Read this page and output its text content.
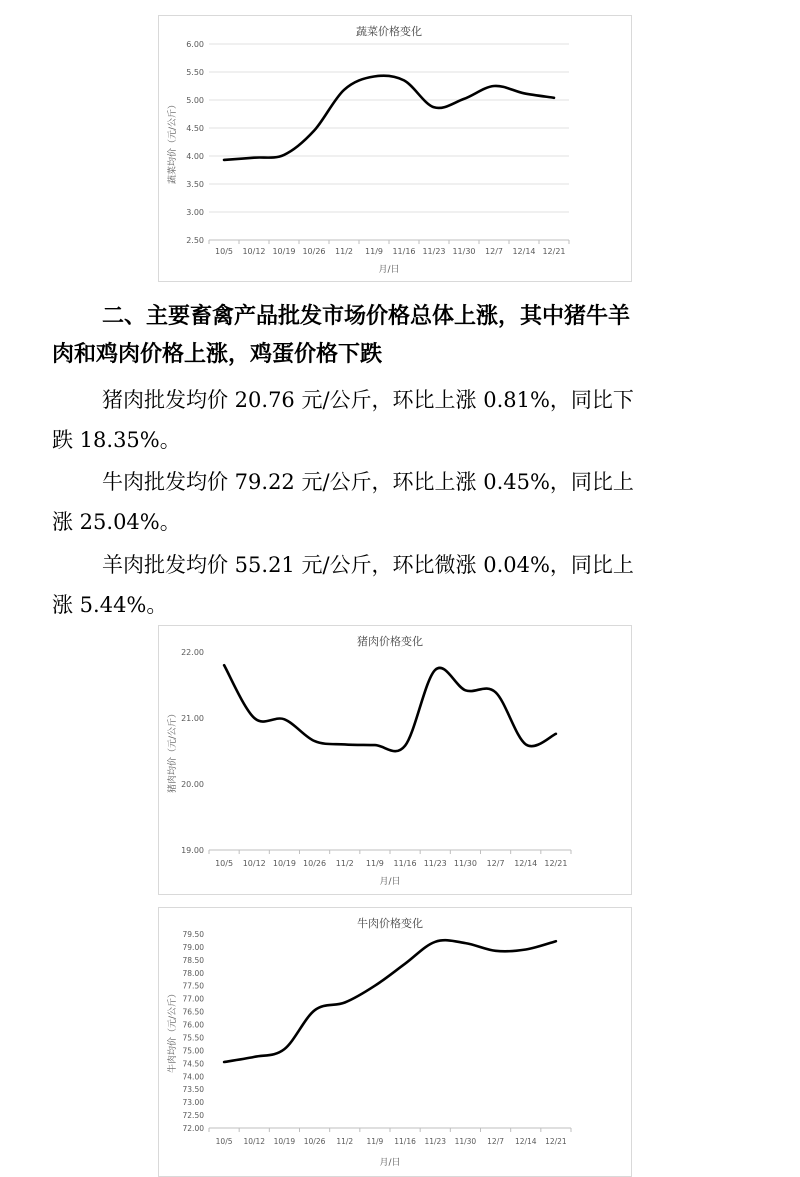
蔬菜价格变化
6.00
5.50
5.00
4.50
4.00
3.50
3.00
2.50
10/5 10/12 10/19 10/26 11/2 11/9 11/16 11/23 11/30 12/7 12/14 12/21
月/日
蔬菜均价（元/公斤）
二、主要畜禽产品批发市场价格总体上涨，其中猪牛羊
肉和鸡肉价格上涨，鸡蛋价格下跌
猪肉批发均价 20.76 元/公斤，环比上涨 0.81%，同比下
跌 18.35%。
牛肉批发均价 79.22 元/公斤，环比上涨 0.45%，同比上
涨 25.04%。
羊肉批发均价 55.21 元/公斤，环比微涨 0.04%，同比上
涨 5.44%。
猪肉价格变化
22.00
21.00
20.00
19.00
10/5 10/12 10/19 10/26 11/2 11/9 11/16 11/23 11/30 12/7 12/14 12/21
月/日
猪肉均价（元/公斤）
牛肉价格变化
79.50
79.00
78.50
78.00
77.50
77.00
76.50
76.00
75.50
75.00
74.50
74.00
73.50
73.00
72.50
72.00
10/5 10/12 10/19 10/26 11/2 11/9 11/16 11/23 11/30 12/7 12/14 12/21
月/日
牛肉均价（元/公斤）
